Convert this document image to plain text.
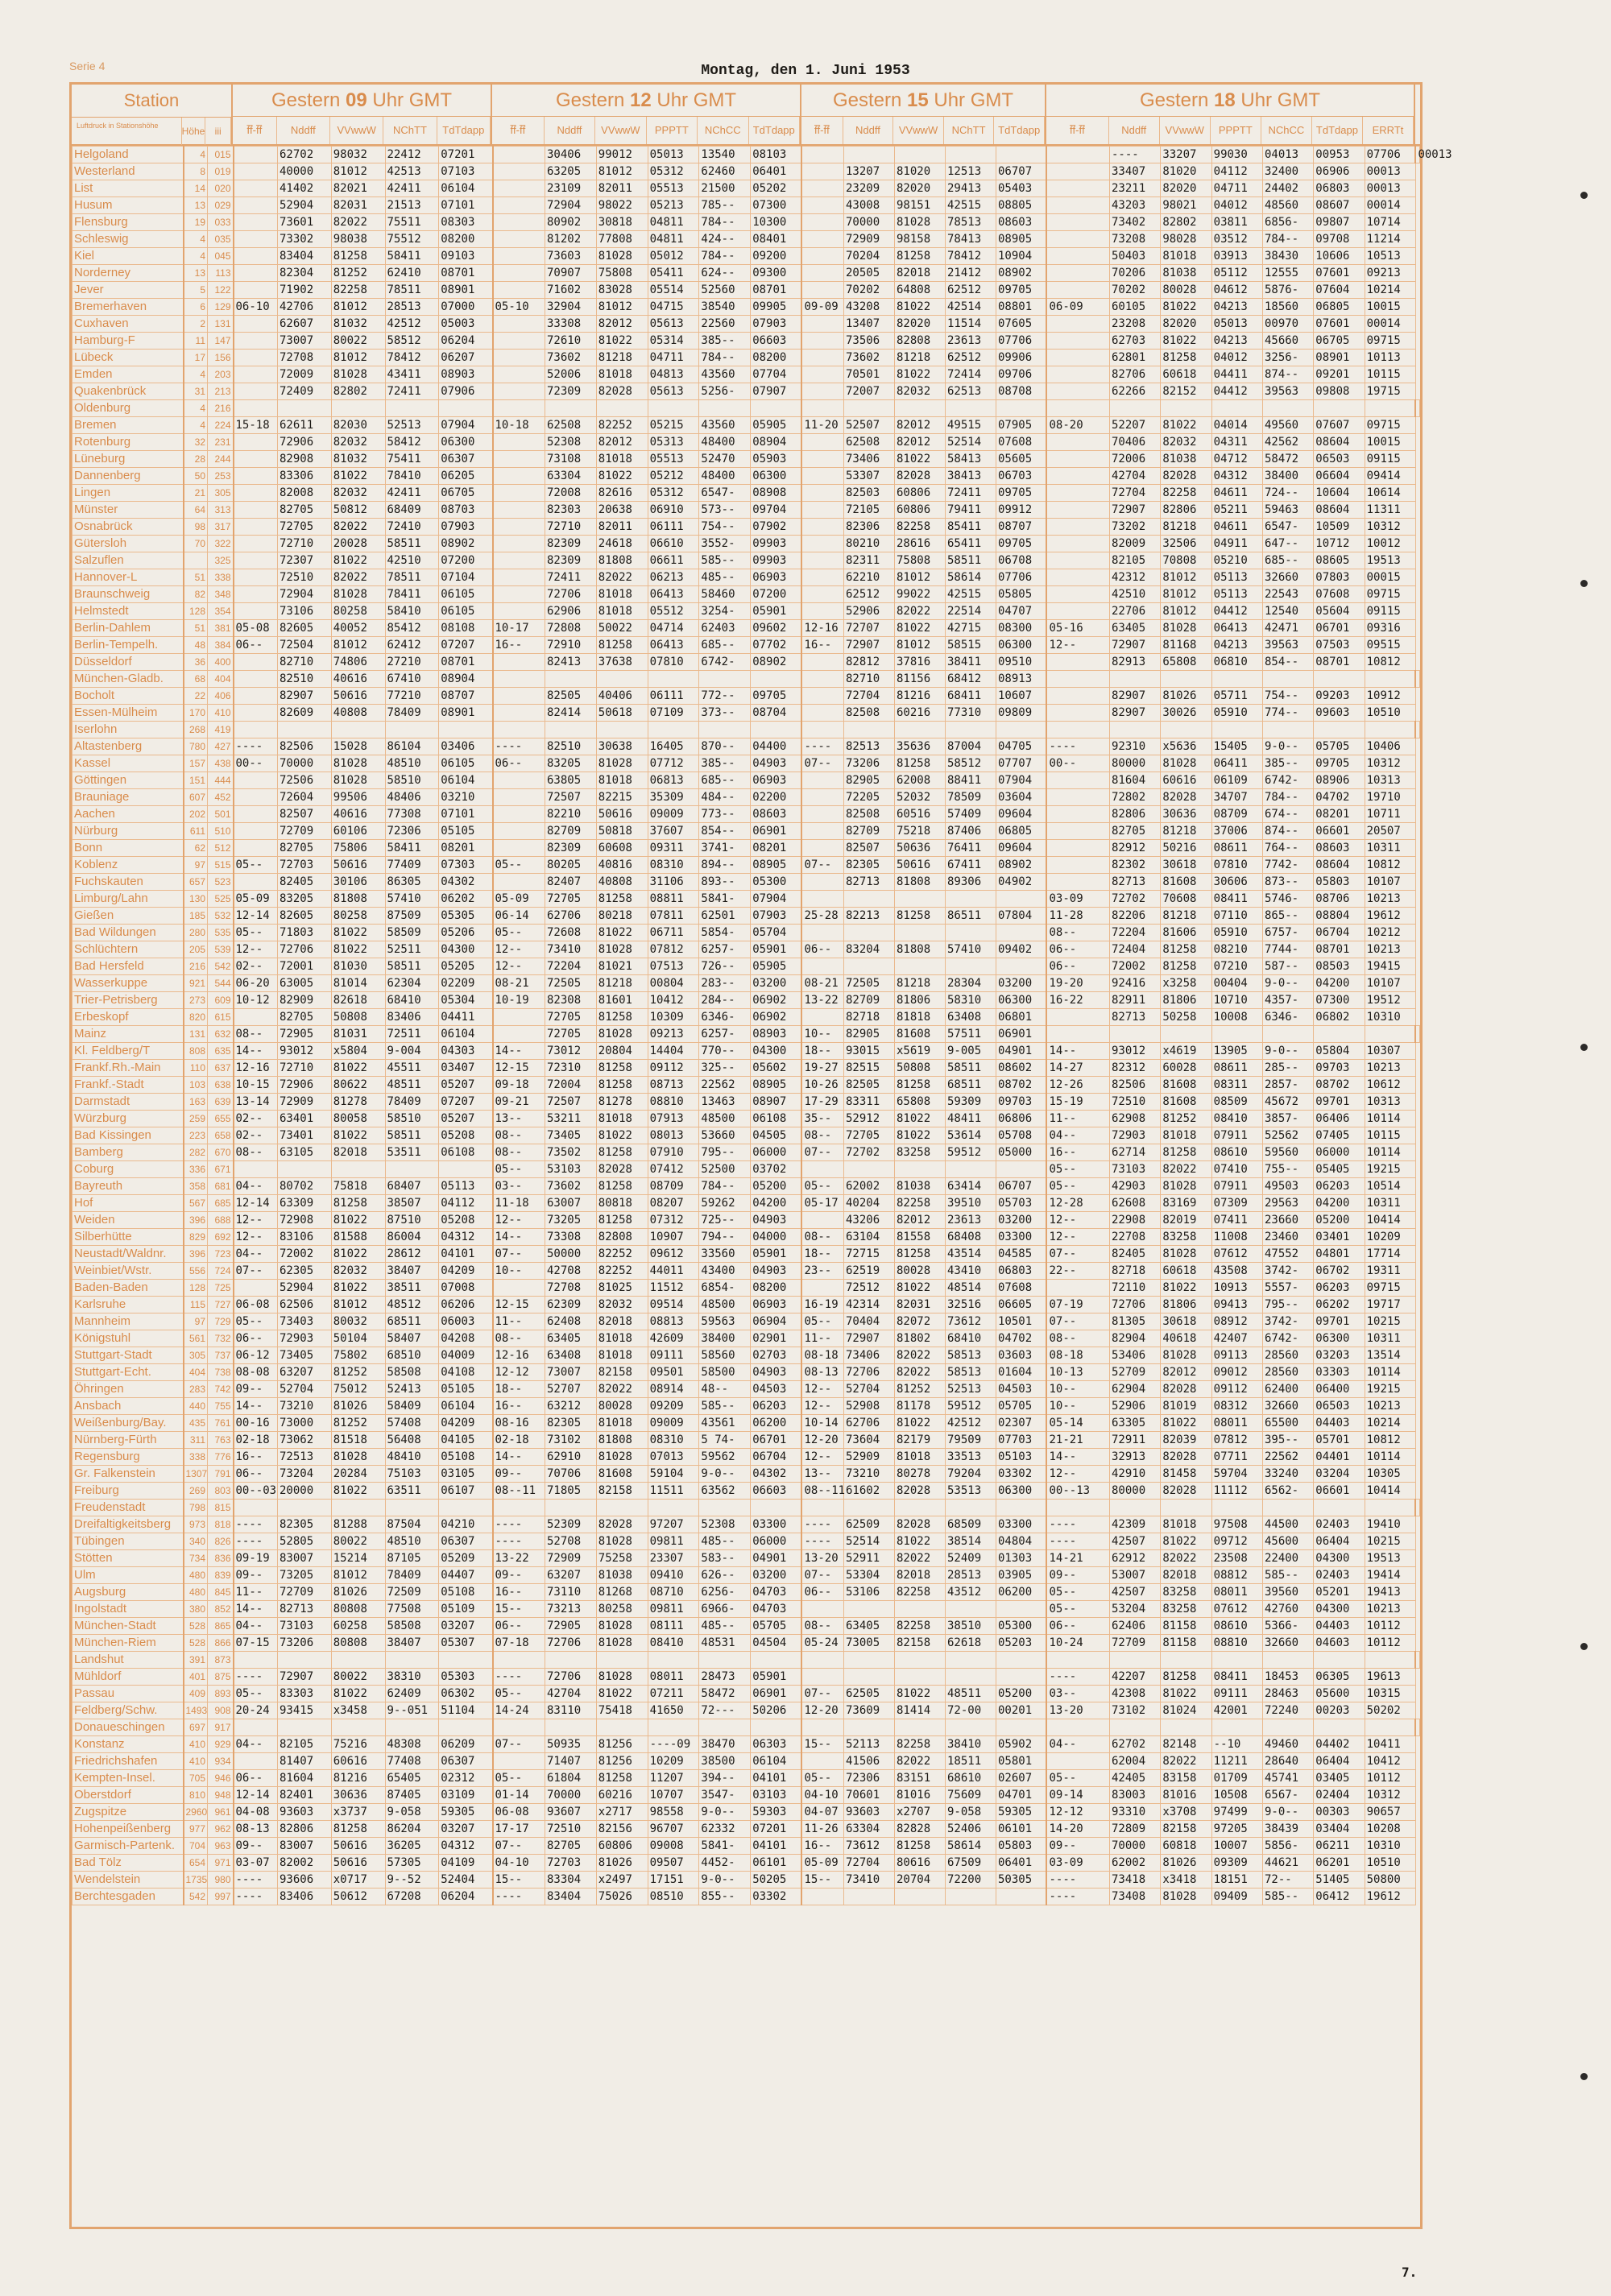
Serie 4	Montag, den 1. Juni 1953
Station
Luftdruck in Stationshöhe	Höhe	iii
Gestern 09 Uhr GMT
f̄f̄-f̄f̄	Nddff	VVwwW	NChTT	TdTdapp
Gestern 12 Uhr GMT
f̄f̄-f̄f̄	Nddff	VVwwW	PPPTT	NChCC	TdTdapp
Gestern 15 Uhr GMT
f̄f̄-f̄f̄	Nddff	VVwwW	NChTT	TdTdapp
Gestern 18 Uhr GMT
f̄f̄-f̄f̄	Nddff	VVwwW	PPPTT	NChCC	TdTdapp	ERRTt
Helgoland	4	015		62702	98032	22412	07201		30406	99012	05013	13540	08103							----	33207	99030	04013	00953	07706	00013
Westerland	8	019		40000	81012	42513	07103		63205	81012	05312	62460	06401		13207	81020	12513	06707		33407	81020	04112	32400	06906	00013	
List	14	020		41402	82021	42411	06104		23109	82011	05513	21500	05202		23209	82020	29413	05403		23211	82020	04711	24402	06803	00013	
Husum	13	029		52904	82031	21513	07101		72904	98022	05213	785--	07300		43008	98151	42515	08805		43203	98021	04012	48560	08607	00014	
Flensburg	19	033		73601	82022	75511	08303		80902	30818	04811	784--	10300		70000	81028	78513	08603		73402	82802	03811	6856-	09807	10714	
Schleswig	4	035		73302	98038	75512	08200		81202	77808	04811	424--	08401		72909	98158	78413	08905		73208	98028	03512	784--	09708	11214	
Kiel	4	045		83404	81258	58411	09103		73603	81028	05012	784--	09200		70204	81258	78412	10904		50403	81018	03913	38430	10606	10513	
Norderney	13	113		82304	81252	62410	08701		70907	75808	05411	624--	09300		20505	82018	21412	08902		70206	81038	05112	12555	07601	09213	
Jever	5	122		71902	82258	78511	08901		71602	83028	05514	52560	08701		70202	64808	62512	09705		70202	80028	04612	5876-	07604	10214	
Bremerhaven	6	129	06-10	42706	81012	28513	07000	05-10	32904	81012	04715	38540	09905	09-09	43208	81022	42514	08801	06-09	60105	81022	04213	18560	06805	10015	
Cuxhaven	2	131		62607	81032	42512	05003		33308	82012	05613	22560	07903		13407	82020	11514	07605		23208	82020	05013	00970	07601	00014	
Hamburg-F	11	147		73007	80022	58512	06204		72610	81022	05314	385--	06603		73506	82808	23613	07706		62703	81022	04213	45660	06705	09715	
Lübeck	17	156		72708	81012	78412	06207		73602	81218	04711	784--	08200		73602	81218	62512	09906		62801	81258	04012	3256-	08901	10113	
Emden	4	203		72009	81028	43411	08903		52006	81018	04813	43560	07704		70501	81022	72414	09706		82706	60618	04411	874--	09201	10115	
Quakenbrück	31	213		72409	82802	72411	07906		72309	82028	05613	5256-	07907		72007	82032	62513	08708		62266	82152	04412	39563	09808	19715	
Oldenburg	4	216																								
Bremen	4	224	15-18	62611	82030	52513	07904	10-18	62508	82252	05215	43560	05905	11-20	52507	82012	49515	07905	08-20	52207	81022	04014	49560	07607	09715	
Rotenburg	32	231		72906	82032	58412	06300		52308	82012	05313	48400	08904		62508	82012	52514	07608		70406	82032	04311	42562	08604	10015	
Lüneburg	28	244		82908	81032	75411	06307		73108	81018	05513	52470	05903		73406	81022	58413	05605		72006	81038	04712	58472	06503	09115	
Dannenberg	50	253		83306	81022	78410	06205		63304	81022	05212	48400	06300		53307	82028	38413	06703		42704	82028	04312	38400	06604	09414	
Lingen	21	305		82008	82032	42411	06705		72008	82616	05312	6547-	08908		82503	60806	72411	09705		72704	82258	04611	724--	10604	10614	
Münster	64	313		82705	50812	68409	08703		82303	20638	06910	573--	09704		72105	60806	79411	09912		72907	82806	05211	59463	08604	11311	
Osnabrück	98	317		72705	82022	72410	07903		72710	82011	06111	754--	07902		82306	82258	85411	08707		73202	81218	04611	6547-	10509	10312	
Gütersloh	70	322		72710	20028	58511	08902		82309	24618	06610	3552-	09903		80210	28616	65411	09705		82009	32506	04911	647--	10712	10012	
Salzuflen		325		72307	81022	42510	07200		82309	81808	06611	585--	09903		82311	75808	58511	06708		82105	70808	05210	685--	08605	19513	
Hannover-L	51	338		72510	82022	78511	07104		72411	82022	06213	485--	06903		62210	81012	58614	07706		42312	81012	05113	32660	07803	00015	
Braunschweig	82	348		72904	81028	78411	06105		72706	81018	06413	58460	07200		62512	99022	42515	05805		42510	81012	05113	22543	07608	09715	
Helmstedt	128	354		73106	80258	58410	06105		62906	81018	05512	3254-	05901		52906	82022	22514	04707		22706	81012	04412	12540	05604	09115	
Berlin-Dahlem	51	381	05-08	82605	40052	85412	08108	10-17	72808	50022	04714	62403	09602	12-16	72707	81022	42715	08300	05-16	63405	81028	06413	42471	06701	09316	
Berlin-Tempelh.	48	384	06--	72504	81012	62412	07207	16--	72910	81258	06413	685--	07702	16--	72907	81012	58515	06300	12--	72907	81168	04213	39563	07503	09515	
Düsseldorf	36	400		82710	74806	27210	08701		82413	37638	07810	6742-	08902		82812	37816	38411	09510		82913	65808	06810	854--	08701	10812	
München-Gladb.	68	404		82510	40616	67410	08904								82710	81156	68412	08913								
Bocholt	22	406		82907	50616	77210	08707		82505	40406	06111	772--	09705		72704	81216	68411	10607		82907	81026	05711	754--	09203	10912	
Essen-Mülheim	170	410		82609	40808	78409	08901		82414	50618	07109	373--	08704		82508	60216	77310	09809		82907	30026	05910	774--	09603	10510	
Iserlohn	268	419																								
Altastenberg	780	427	----	82506	15028	86104	03406	----	82510	30638	16405	870--	04400	----	82513	35636	87004	04705	----	92310	x5636	15405	9-0--	05705	10406	
Kassel	157	438	00--	70000	81028	48510	06105	06--	83205	81028	07712	385--	04903	07--	73206	81258	58512	07707	00--	80000	81028	06411	385--	09705	10312	
Göttingen	151	444		72506	81028	58510	06104		63805	81018	06813	685--	06903		82905	62008	88411	07904		81604	60616	06109	6742-	08906	10313	
Brauniage	607	452		72604	99506	48406	03210		72507	82215	35309	484--	02200		72205	52032	78509	03604		72802	82028	34707	784--	04702	19710	
Aachen	202	501		82507	40616	77308	07101		82210	50616	09009	773--	08603		82508	60516	57409	09604		82806	30636	08709	674--	08201	10711	
Nürburg	611	510		72709	60106	72306	05105		82709	50818	37607	854--	06901		82709	75218	87406	06805		82705	81218	37006	874--	06601	20507	
Bonn	62	512		82705	75806	58411	08201		82309	60608	09311	3741-	08201		82507	50636	76411	09604		82912	50216	08611	764--	08603	10311	
Koblenz	97	515	05--	72703	50616	77409	07303	05--	80205	40816	08310	894--	08905	07--	82305	50616	67411	08902		82302	30618	07810	7742-	08604	10812	
Fuchskauten	657	523		82405	30106	86305	04302		82407	40808	31106	893--	05300		82713	81808	89306	04902		82713	81608	30606	873--	05803	10107	
Limburg/Lahn	130	525	05-09	83205	81808	57410	06202	05-09	72705	81258	08811	5841-	07904						03-09	72702	70608	08411	5746-	08706	10213	
Gießen	185	532	12-14	82605	80258	87509	05305	06-14	62706	80218	07811	62501	07903	25-28	82213	81258	86511	07804	11-28	82206	81218	07110	865--	08804	19612	
Bad Wildungen	280	535	05--	71803	81022	58509	05206	05--	72608	81022	06711	5854-	05704						08--	72204	81606	05910	6757-	06704	10212	
Schlüchtern	205	539	12--	72706	81022	52511	04300	12--	73410	81028	07812	6257-	05901	06--	83204	81808	57410	09402	06--	72404	81258	08210	7744-	08701	10213	
Bad Hersfeld	216	542	02--	72001	81030	58511	05205	12--	72204	81021	07513	726--	05905						06--	72002	81258	07210	587--	08503	19415	
Wasserkuppe	921	544	06-20	63005	81014	62304	02209	08-21	72505	81218	00804	283--	03200	08-21	72505	81218	28304	03200	19-20	92416	x3258	00404	9-0--	04200	10107	
Trier-Petrisberg	273	609	10-12	82909	82618	68410	05304	10-19	82308	81601	10412	284--	06902	13-22	82709	81806	58310	06300	16-22	82911	81806	10710	4357-	07300	19512	
Erbeskopf	820	615		82705	50808	83406	04411		72705	81258	10309	6346-	06902		82718	81818	63408	06801		82713	50258	10008	6346-	06802	10310	
Mainz	131	632	08--	72905	81031	72511	06104		72705	81028	09213	6257-	08903	10--	82905	81608	57511	06901								
Kl. Feldberg/T	808	635	14--	93012	x5804	9-004	04303	14--	73012	20804	14404	770--	04300	18--	93015	x5619	9-005	04901	14--	93012	x4619	13905	9-0--	05804	10307	
Frankf.Rh.-Main	110	637	12-16	72710	81022	45511	03407	12-15	72310	81258	09112	325--	05602	19-27	82515	50808	58511	08602	14-27	82312	60028	08611	285--	09703	10213	
Frankf.-Stadt	103	638	10-15	72906	80622	48511	05207	09-18	72004	81258	08713	22562	08905	10-26	82505	81258	68511	08702	12-26	82506	81608	08311	2857-	08702	10612	
Darmstadt	163	639	13-14	72909	81278	78409	07207	09-21	72507	81278	08810	13463	08907	17-29	83311	65808	59309	09703	15-19	72510	81608	08509	45672	09701	10313	
Würzburg	259	655	02--	63401	80058	58510	05207	13--	53211	81018	07913	48500	06108	35--	52912	81022	48411	06806	11--	62908	81252	08410	3857-	06406	10114	
Bad Kissingen	223	658	02--	73401	81022	58511	05208	08--	73405	81022	08013	53660	04505	08--	72705	81022	53614	05708	04--	72903	81018	07911	52562	07405	10115	
Bamberg	282	670	08--	63105	82018	53511	06108	08--	73502	81258	07910	795--	06000	07--	72702	83258	59512	05000	16--	62714	81258	08610	59560	06000	10114	
Coburg	336	671						05--	53103	82028	07412	52500	03702						05--	73103	82022	07410	755--	05405	19215	
Bayreuth	358	681	04--	80702	75818	68407	05113	03--	73602	81258	08709	784--	05200	05--	62002	81038	63414	06707	05--	42903	81028	07911	49503	06203	10514	
Hof	567	685	12-14	63309	81258	38507	04112	11-18	63007	80818	08207	59262	04200	05-17	40204	82258	39510	05703	12-28	62608	83169	07309	29563	04200	10311	
Weiden	396	688	12--	72908	81022	87510	05208	12--	73205	81258	07312	725--	04903		43206	82012	23613	03200	12--	22908	82019	07411	23660	05200	10414	
Silberhütte	829	692	12--	83106	81588	86004	04312	14--	73308	82808	10907	794--	04000	08--	63104	81558	68408	03300	12--	22708	83258	11008	23460	03401	10209	
Neustadt/Waldnr.	396	723	04--	72002	81022	28612	04101	07--	50000	82252	09612	33560	05901	18--	72715	81258	43514	04585	07--	82405	81028	07612	47552	04801	17714	
Weinbiet/Wstr.	556	724	07--	62305	82032	38407	04209	10--	42708	82252	44011	43400	04903	23--	62519	80028	43410	06803	22--	82718	60618	43508	3742-	06702	19311	
Baden-Baden	128	725		52904	81022	38511	07008		72708	81025	11512	6854-	08200		72512	81022	48514	07608		72110	81022	10913	5557-	06203	09715	
Karlsruhe	115	727	06-08	62506	81012	48512	06206	12-15	62309	82032	09514	48500	06903	16-19	42314	82031	32516	06605	07-19	72706	81806	09413	795--	06202	19717	
Mannheim	97	729	05--	73403	80032	68511	06003	11--	62408	82018	08813	59563	06904	05--	70404	82072	73612	10501	07--	81305	30618	08912	3742-	09701	10215	
Königstuhl	561	732	06--	72903	50104	58407	04208	08--	63405	81018	42609	38400	02901	11--	72907	81802	68410	04702	08--	82904	40618	42407	6742-	06300	10311	
Stuttgart-Stadt	305	737	06-12	73405	75802	68510	04009	12-16	63408	81018	09111	58560	02703	08-18	73406	82022	58513	03603	08-18	53406	81028	09113	28560	03203	13514	
Stuttgart-Echt.	404	738	08-08	63207	81252	58508	04108	12-12	73007	82158	09501	58500	04903	08-13	72706	82022	58513	01604	10-13	52709	82012	09012	28560	03303	10114	
Öhringen	283	742	09--	52704	75012	52413	05105	18--	52707	82022	08914	48--	04503	12--	52704	81252	52513	04503	10--	62904	82028	09112	62400	06400	19215	
Ansbach	440	755	14--	73210	81026	58409	06104	16--	63212	80028	09209	585--	06203	12--	52908	81178	59512	05705	10--	52906	81019	08312	32660	06503	10213	
Weißenburg/Bay.	435	761	00-16	73000	81252	57408	04209	08-16	82305	81018	09009	43561	06200	10-14	62706	81022	42512	02307	05-14	63305	81022	08011	65500	04403	10214	
Nürnberg-Fürth	311	763	02-18	73062	81518	56408	04105	02-18	73102	81808	08310	5 74-	06701	12-20	73604	82179	79509	07703	21-21	72911	82039	07812	395--	05701	10812	
Regensburg	338	776	16--	72513	81028	48410	05108	14--	62910	81028	07013	59562	06704	12--	52909	81018	33513	05103	14--	32913	82028	07711	22562	04401	10114	
Gr. Falkenstein	1307	791	06--	73204	20284	75103	03105	09--	70706	81608	59104	9-0--	04302	13--	73210	80278	79204	03302	12--	42910	81458	59704	33240	03204	10305	
Freiburg	269	803	00--03	20000	81022	63511	06107	08--11	71805	82158	11511	63562	06603	08--11	61602	82028	53513	06300	00--13	80000	82028	11112	6562-	06601	10414	
Freudenstadt	798	815																								
Dreifaltigkeitsberg	973	818	----	82305	81288	87504	04210	----	52309	82028	97207	52308	03300	----	62509	82028	68509	03300	----	42309	81018	97508	44500	02403	19410	
Tübingen	340	826	----	52805	80022	48510	06307	----	52708	81028	09811	485--	06000	----	52514	81022	38514	04804	----	42507	81022	09712	45600	06404	10215	
Stötten	734	836	09-19	83007	15214	87105	05209	13-22	72909	75258	23307	583--	04901	13-20	52911	82022	52409	01303	14-21	62912	82022	23508	22400	04300	19513	
Ulm	480	839	09--	73205	81012	78409	04407	09--	63207	81038	09410	626--	03200	07--	53304	82018	28513	03905	09--	53007	82018	08812	585--	02403	19414	
Augsburg	480	845	11--	72709	81026	72509	05108	16--	73110	81268	08710	6256-	04703	06--	53106	82258	43512	06200	05--	42507	83258	08011	39560	05201	19413	
Ingolstadt	380	852	14--	82713	80808	77508	05109	15--	73213	80258	09811	6966-	04703						05--	53204	83258	07612	42760	04300	10213	
München-Stadt	528	865	04--	73103	60258	58508	03207	06--	72905	81028	08111	485--	05705	08--	63405	82258	38510	05300	06--	62406	81158	08610	5366-	04403	10112	
München-Riem	528	866	07-15	73206	80808	38407	05307	07-18	72706	81028	08410	48531	04504	05-24	73005	82158	62618	05203	10-24	72709	81158	08810	32660	04603	10112	
Landshut	391	873																								
Mühldorf	401	875	----	72907	80022	38310	05303	----	72706	81028	08011	28473	05901						----	42207	81258	08411	18453	06305	19613	
Passau	409	893	05--	83303	81022	62409	06302	05--	42704	81022	07211	58472	06901	07--	62505	81022	48511	05200	03--	42308	81022	09111	28463	05600	10315	
Feldberg/Schw.	1493	908	20-24	93415	x3458	9--051	51104	14-24	83110	75418	41650	72---	50206	12-20	73609	81414	72-00	00201	13-20	73102	81024	42001	72240	00203	50202	
Donaueschingen	697	917																								
Konstanz	410	929	04--	82105	75216	48308	06209	07--	50935	81256	----09	38470	06303	15--	52113	82258	38410	05902	04--	62702	82148	--10	49460	04402	10411	
Friedrichshafen	410	934		81407	60616	77408	06307		71407	81256	10209	38500	06104		41506	82022	18511	05801		62004	82022	11211	28640	06404	10412	
Kempten-Insel.	705	946	06--	81604	81216	65405	02312	05--	61804	81258	11207	394--	04101	05--	72306	83151	68610	02607	05--	42405	83158	01709	45741	03405	10112	
Oberstdorf	810	948	12-14	82401	30636	87405	03109	01-14	70000	60216	10707	3547-	03103	04-10	70601	81016	75609	04701	09-14	83003	81016	10508	6567-	02404	10312	
Zugspitze	2960	961	04-08	93603	x3737	9-058	59305	06-08	93607	x2717	98558	9-0--	59303	04-07	93603	x2707	9-058	59305	12-12	93310	x3708	97499	9-0--	00303	90657	
Hohenpeißenberg	977	962	08-13	82806	81258	86204	03207	17-17	72510	82156	96707	62332	07201	11-26	63304	82828	52406	06101	14-20	72809	82158	97205	38439	03404	10208	
Garmisch-Partenk.	704	963	09--	83007	50616	36205	04312	07--	82705	60806	09008	5841-	04101	16--	73612	81258	58614	05803	09--	70000	60818	10007	5856-	06211	10310	
Bad Tölz	654	971	03-07	82002	50616	57305	04109	04-10	72703	81026	09507	4452-	06101	05-09	72704	80616	67509	06401	03-09	62002	81026	09309	44621	06201	10510	
Wendelstein	1735	980	----	93606	x0717	9--52	52404	15--	83304	x2497	17151	9-0--	50205	15--	73410	20704	72200	50305	----	73418	x3418	18151	72--	51405	50800	
Berchtesgaden	542	997	----	83406	50612	67208	06204	----	83404	75026	08510	855--	03302						----	73408	81028	09409	585--	06412	19612	
7.
